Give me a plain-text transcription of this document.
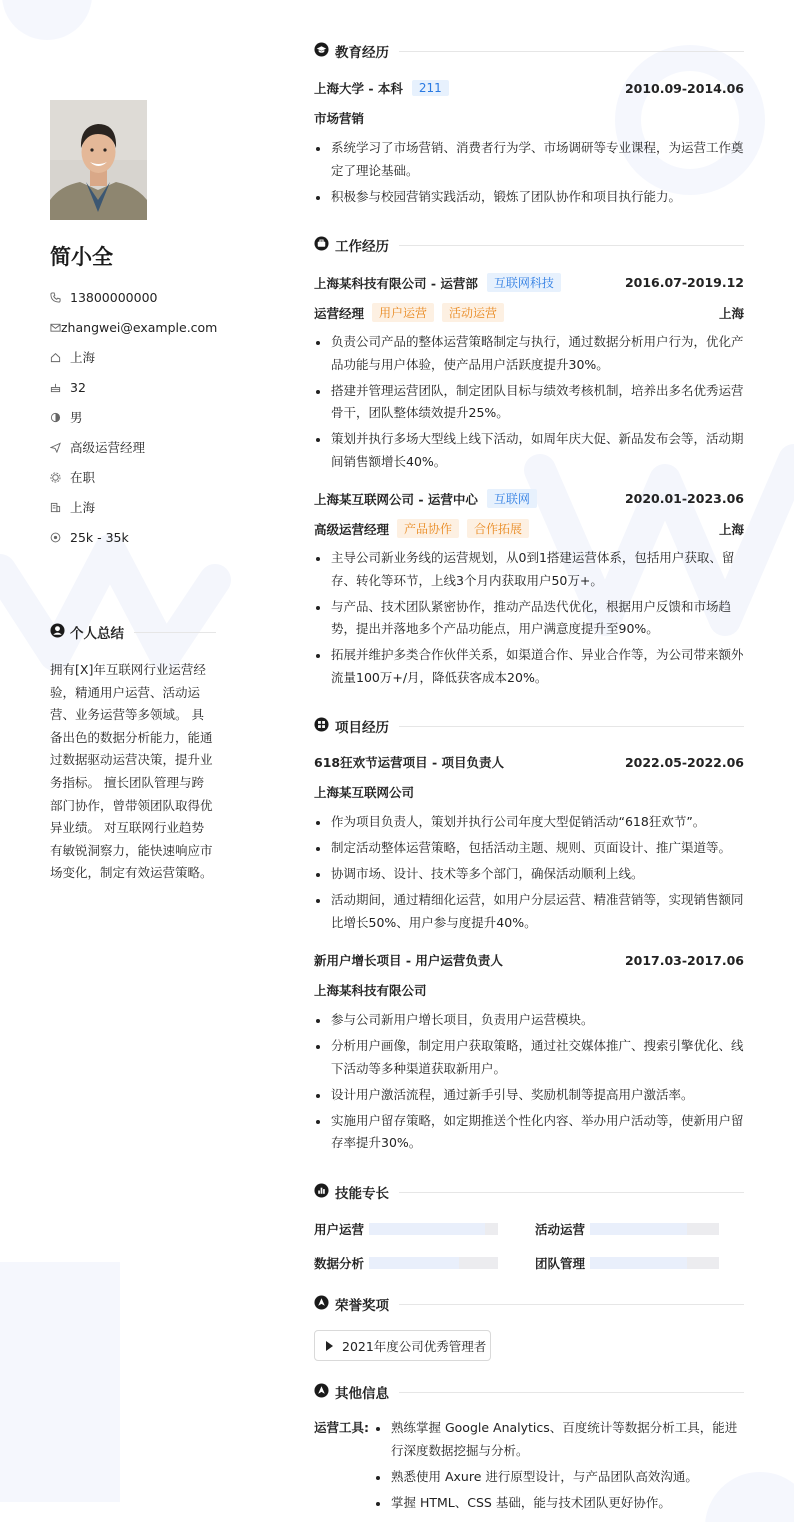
简小全
13800000000
zhangwei@example.com
上海
32
男
高级运营经理
在职
上海
25k - 35k
个人总结
拥有[X]年互联网行业运营经验，精通用户运营、活动运营、业务运营等多领域。 具备出色的数据分析能力，能通过数据驱动运营决策，提升业务指标。 擅长团队管理与跨部门协作，曾带领团队取得优异业绩。 对互联网行业趋势有敏锐洞察力，能快速响应市场变化，制定有效运营策略。
教育经历
上海大学 - 本科	211	2010.09-2014.06
市场营销
系统学习了市场营销、消费者行为学、市场调研等专业课程，为运营工作奠定了理论基础。
积极参与校园营销实践活动，锻炼了团队协作和项目执行能力。
工作经历
上海某科技有限公司 - 运营部	互联网科技	2016.07-2019.12
运营经理	用户运营	活动运营	上海
负责公司产品的整体运营策略制定与执行，通过数据分析用户行为，优化产品功能与用户体验，使产品用户活跃度提升30%。
搭建并管理运营团队，制定团队目标与绩效考核机制，培养出多名优秀运营骨干，团队整体绩效提升25%。
策划并执行多场大型线上线下活动，如周年庆大促、新品发布会等，活动期间销售额增长40%。
上海某互联网公司 - 运营中心	互联网	2020.01-2023.06
高级运营经理	产品协作	合作拓展	上海
主导公司新业务线的运营规划，从0到1搭建运营体系，包括用户获取、留存、转化等环节，上线3个月内获取用户50万+。
与产品、技术团队紧密协作，推动产品迭代优化，根据用户反馈和市场趋势，提出并落地多个产品功能点，用户满意度提升至90%。
拓展并维护多类合作伙伴关系，如渠道合作、异业合作等，为公司带来额外流量100万+/月，降低获客成本20%。
项目经历
618狂欢节运营项目 - 项目负责人	2022.05-2022.06
上海某互联网公司
作为项目负责人，策划并执行公司年度大型促销活动“618狂欢节”。
制定活动整体运营策略，包括活动主题、规则、页面设计、推广渠道等。
协调市场、设计、技术等多个部门，确保活动顺利上线。
活动期间，通过精细化运营，如用户分层运营、精准营销等，实现销售额同比增长50%、用户参与度提升40%。
新用户增长项目 - 用户运营负责人	2017.03-2017.06
上海某科技有限公司
参与公司新用户增长项目，负责用户运营模块。
分析用户画像，制定用户获取策略，通过社交媒体推广、搜索引擎优化、线下活动等多种渠道获取新用户。
设计用户激活流程，通过新手引导、奖励机制等提高用户激活率。
实施用户留存策略，如定期推送个性化内容、举办用户活动等，使新用户留存率提升30%。
技能专长
用户运营	活动运营
数据分析	团队管理
荣誉奖项
2021年度公司优秀管理者
其他信息
运营工具:	熟练掌握 Google Analytics、百度统计等数据分析工具，能进行深度数据挖掘与分析。
熟悉使用 Axure 进行原型设计，与产品团队高效沟通。
掌握 HTML、CSS 基础，能与技术团队更好协作。
